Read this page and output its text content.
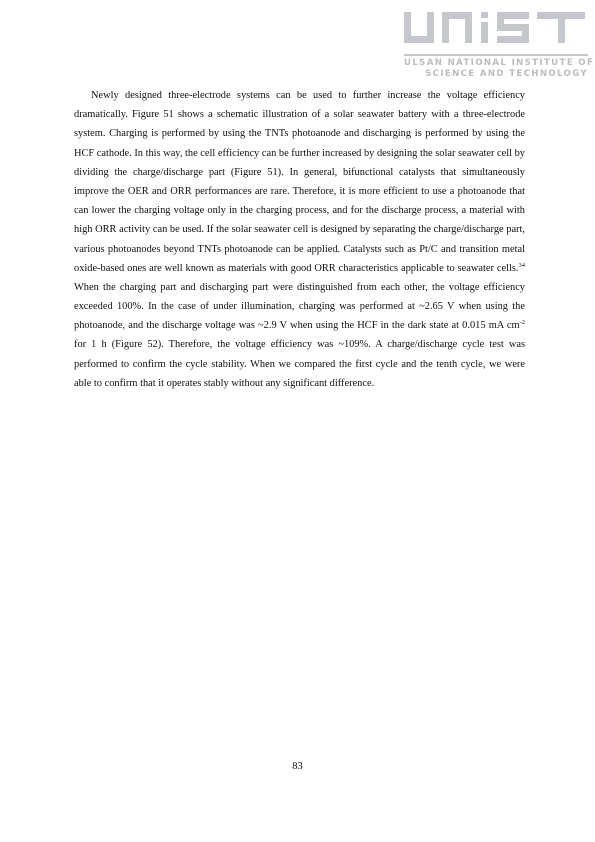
ULSAN NATIONAL INSTITUTE OF
SCIENCE AND TECHNOLOGY

Newly designed three-electrode systems can be used to further increase the voltage efficiency dramatically. Figure 51 shows a schematic illustration of a solar seawater battery with a three-electrode system. Charging is performed by using the TNTs photoanode and discharging is performed by using the HCF cathode. In this way, the cell efficiency can be further increased by designing the solar seawater cell by dividing the charge/discharge part (Figure 51). In general, bifunctional catalysts that simultaneously improve the OER and ORR performances are rare. Therefore, it is more efficient to use a photoanode that can lower the charging voltage only in the charging process, and for the discharge process, a material with high ORR activity can be used. If the solar seawater cell is designed by separating the charge/discharge part, various photoanodes beyond TNTs photoanode can be applied. Catalysts such as Pt/C and transition metal oxide-based ones are well known as materials with good ORR characteristics applicable to seawater cells.$^{34}$ When the charging part and discharging part were distinguished from each other, the voltage efficiency exceeded 100%. In the case of under illumination, charging was performed at ~2.65 V when using the photoanode, and the discharge voltage was ~2.9 V when using the HCF in the dark state at 0.015 mA $cm^{-2}$ for 1 h (Figure 52). Therefore, the voltage efficiency was ~109%. A charge/discharge cycle test was performed to confirm the cycle stability. When we compared the first cycle and the tenth cycle, we were able to confirm that it operates stably without any significant difference.

83
